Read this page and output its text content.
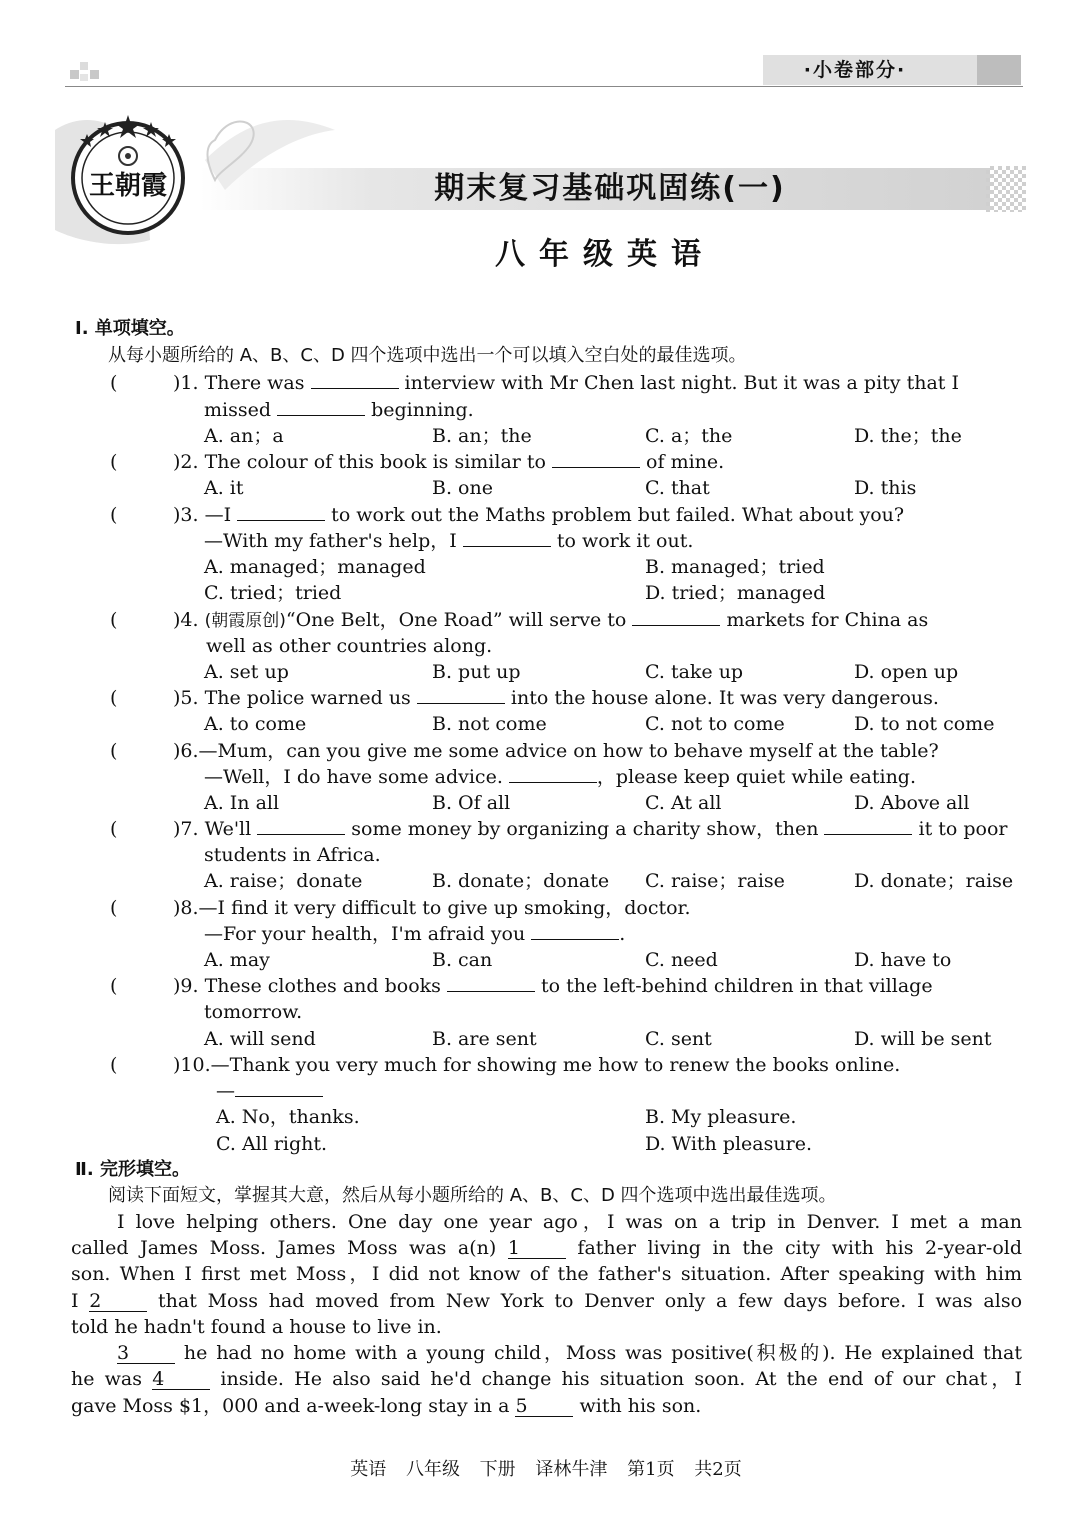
·小卷部分·
王朝霞	期末复习基础巩固练(一)
八年级英语
Ⅰ. 单项填空。
从每小题所给的 A、B、C、D 四个选项中选出一个可以填入空白处的最佳选项。
(	)1. There was	interview with Mr Chen last night. But it was a pity that I
missed	beginning.
A. an；a	B. an；the	C. a；the	D. the；the
(	)2. The colour of this book is similar to	of mine.
A. it	B. one	C. that	D. this
(	)3. —I	to work out the Maths problem but failed. What about you?
—With my father's help，I	to work it out.
A. managed；managed	B. managed；tried
C. tried；tried	D. tried；managed
(	)4. (朝霞原创)“One Belt，One Road” will serve to	markets for China as
well as other countries along.
A. set up	B. put up	C. take up	D. open up
(	)5. The police warned us	into the house alone. It was very dangerous.
A. to come	B. not come	C. not to come	D. to not come
(	)6.—Mum，can you give me some advice on how to behave myself at the table?
—Well，I do have some advice.	，please keep quiet while eating.
A. In all	B. Of all	C. At all	D. Above all
(	)7. We'll	some money by organizing a charity show，then	it to poor
students in Africa.
A. raise；donate	B. donate；donate C. raise；raise	D. donate；raise
(	)8.—I find it very difficult to give up smoking，doctor.
—For your health，I'm afraid you	.
A. may	B. can	C. need	D. have to
(	)9. These clothes and books	to the left-behind children in that village
tomorrow.
A. will send	B. are sent	C. sent	D. will be sent
(	)10.—Thank you very much for showing me how to renew the books online.
—
A. No，thanks.	B. My pleasure.
C. All right.	D. With pleasure.
Ⅱ. 完形填空。
阅读下面短文，掌握其大意，然后从每小题所给的 A、B、C、D 四个选项中选出最佳选项。
I love helping others. One day one year ago，I was on a trip in Denver. I met a man
called James Moss. James Moss was a(n) 1 father living in the city with his 2-year-old
son. When I first met Moss，I did not know of the father's situation. After speaking with him
I 2 that Moss had moved from New York to Denver only a few days before. I was also
told he hadn't found a house to live in.
3 he had no home with a young child，Moss was positive(积极的). He explained that
he was 4 inside. He also said he'd change his situation soon. At the end of our chat，I
gave Moss $1，000 and a-week-long stay in a 5 with his son.
英语 八年级 下册 译林牛津 第1页 共2页
